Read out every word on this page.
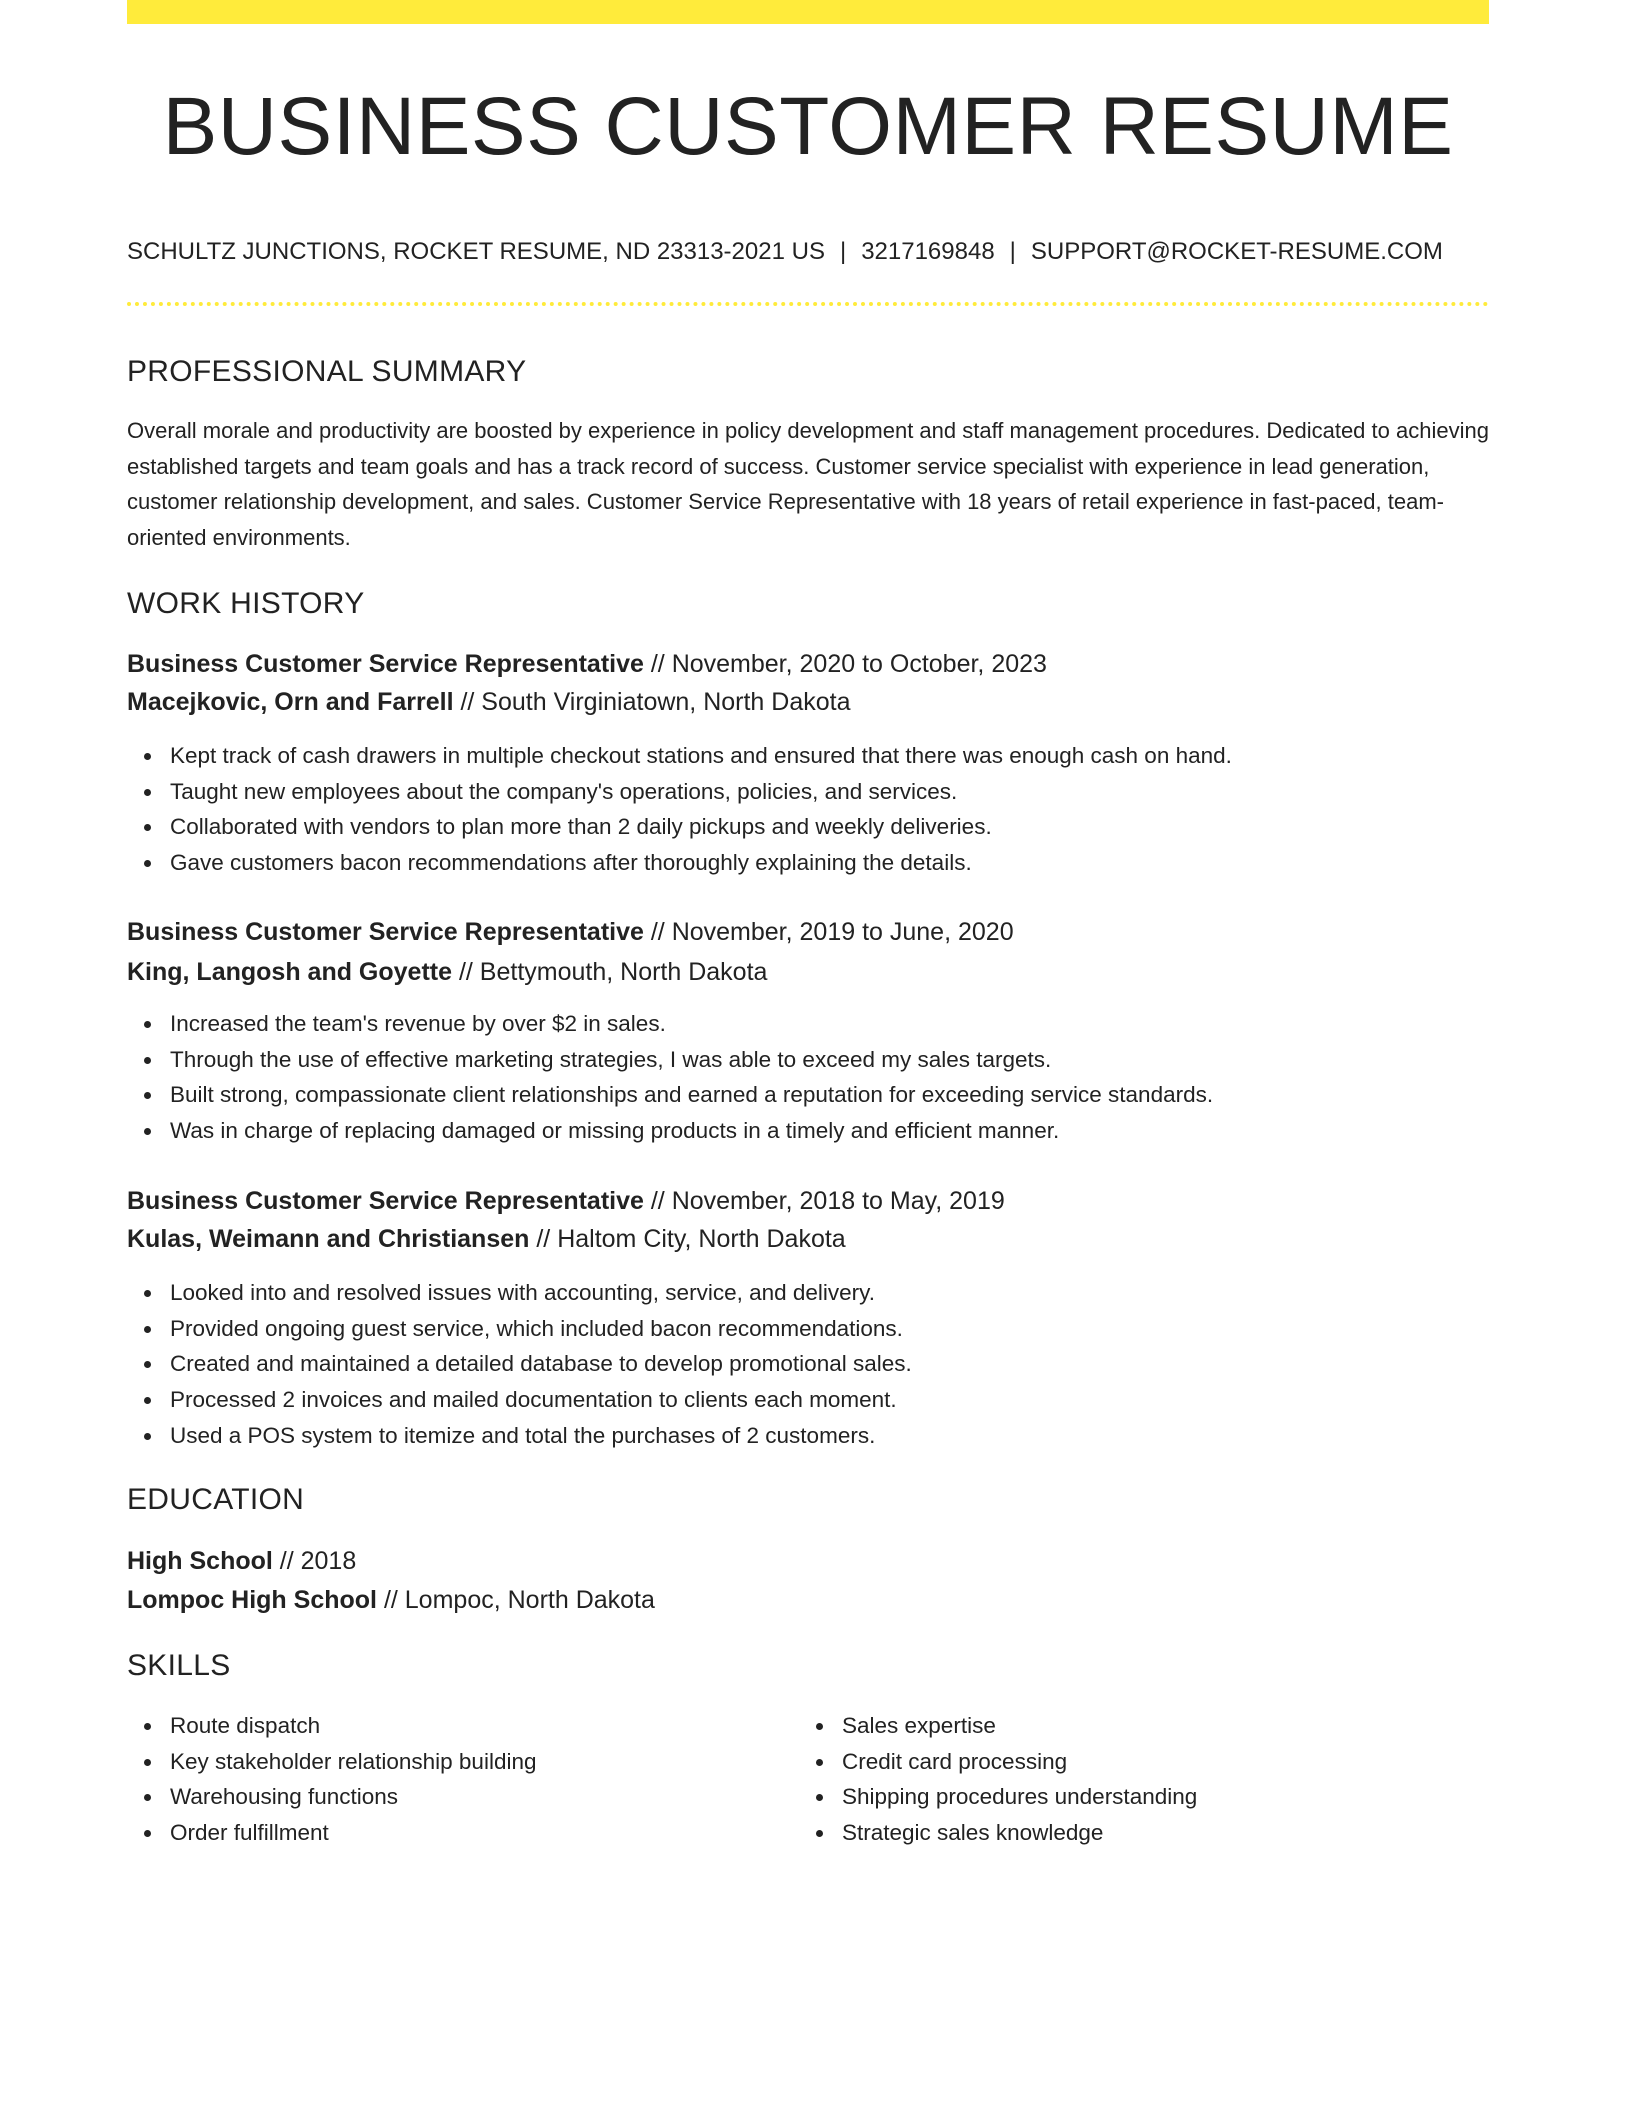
BUSINESS CUSTOMER RESUME
SCHULTZ JUNCTIONS, ROCKET RESUME, ND 23313-2021 US | 3217169848 | SUPPORT@ROCKET-RESUME.COM
PROFESSIONAL SUMMARY

Overall morale and productivity are boosted by experience in policy development and staff management procedures. Dedicated to achieving established targets and team goals and has a track record of success. Customer service specialist with experience in lead generation, customer relationship development, and sales. Customer Service Representative with 18 years of retail experience in fast-paced, team-oriented environments.

WORK HISTORY
Business Customer Service Representative // November, 2020 to October, 2023
Macejkovic, Orn and Farrell // South Virginiatown, North Dakota
Kept track of cash drawers in multiple checkout stations and ensured that there was enough cash on hand.
Taught new employees about the company's operations, policies, and services.
Collaborated with vendors to plan more than 2 daily pickups and weekly deliveries.
Gave customers bacon recommendations after thoroughly explaining the details.
Business Customer Service Representative // November, 2019 to June, 2020
King, Langosh and Goyette // Bettymouth, North Dakota
Increased the team's revenue by over $2 in sales.
Through the use of effective marketing strategies, I was able to exceed my sales targets.
Built strong, compassionate client relationships and earned a reputation for exceeding service standards.
Was in charge of replacing damaged or missing products in a timely and efficient manner.
Business Customer Service Representative // November, 2018 to May, 2019
Kulas, Weimann and Christiansen // Haltom City, North Dakota
Looked into and resolved issues with accounting, service, and delivery.
Provided ongoing guest service, which included bacon recommendations.
Created and maintained a detailed database to develop promotional sales.
Processed 2 invoices and mailed documentation to clients each moment.
Used a POS system to itemize and total the purchases of 2 customers.
EDUCATION
High School // 2018
Lompoc High School // Lompoc, North Dakota
SKILLS
Route dispatch
Key stakeholder relationship building
Warehousing functions
Order fulfillment
Sales expertise
Credit card processing
Shipping procedures understanding
Strategic sales knowledge
